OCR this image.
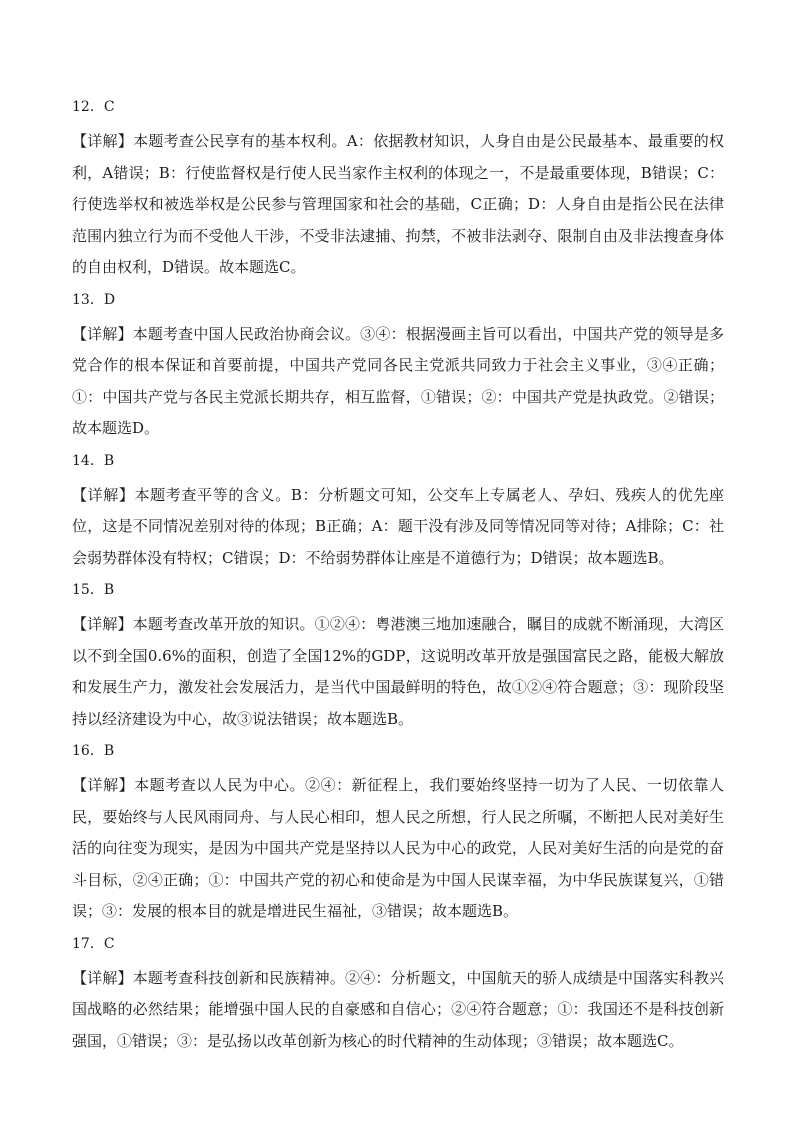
12．C

【详解】本题考查公民享有的基本权利。A：依据教材知识，人身自由是公民最基本、最重要的权利，A错误；B：行使监督权是行使人民当家作主权利的体现之一，不是最重要体现，B错误；C：行使选举权和被选举权是公民参与管理国家和社会的基础，C正确；D：人身自由是指公民在法律范围内独立行为而不受他人干涉，不受非法逮捕、拘禁，不被非法剥夺、限制自由及非法搜查身体的自由权利，D错误。故本题选C。

13．D

【详解】本题考查中国人民政治协商会议。③④：根据漫画主旨可以看出，中国共产党的领导是多党合作的根本保证和首要前提，中国共产党同各民主党派共同致力于社会主义事业，③④正确；①：中国共产党与各民主党派长期共存，相互监督，①错误；②：中国共产党是执政党。②错误；故本题选D。

14．B

【详解】本题考查平等的含义。B：分析题文可知，公交车上专属老人、孕妇、残疾人的优先座位，这是不同情况差别对待的体现；B正确；A：题干没有涉及同等情况同等对待；A排除；C：社会弱势群体没有特权；C错误；D：不给弱势群体让座是不道德行为；D错误；故本题选B。

15．B

【详解】本题考查改革开放的知识。①②④：粤港澳三地加速融合，瞩目的成就不断涌现，大湾区以不到全国0.6%的面积，创造了全国12%的GDP，这说明改革开放是强国富民之路，能极大解放和发展生产力，激发社会发展活力，是当代中国最鲜明的特色，故①②④符合题意；③：现阶段坚持以经济建设为中心，故③说法错误；故本题选B。

16．B

【详解】本题考查以人民为中心。②④：新征程上，我们要始终坚持一切为了人民、一切依靠人民，要始终与人民风雨同舟、与人民心相印，想人民之所想，行人民之所嘱，不断把人民对美好生活的向往变为现实，是因为中国共产党是坚持以人民为中心的政党，人民对美好生活的向是党的奋斗目标，②④正确；①：中国共产党的初心和使命是为中国人民谋幸福，为中华民族谋复兴，①错误；③：发展的根本目的就是增进民生福祉，③错误；故本题选B。

17．C

【详解】本题考查科技创新和民族精神。②④：分析题文，中国航天的骄人成绩是中国落实科教兴国战略的必然结果；能增强中国人民的自豪感和自信心；②④符合题意；①：我国还不是科技创新强国，①错误；③：是弘扬以改革创新为核心的时代精神的生动体现；③错误；故本题选C。
